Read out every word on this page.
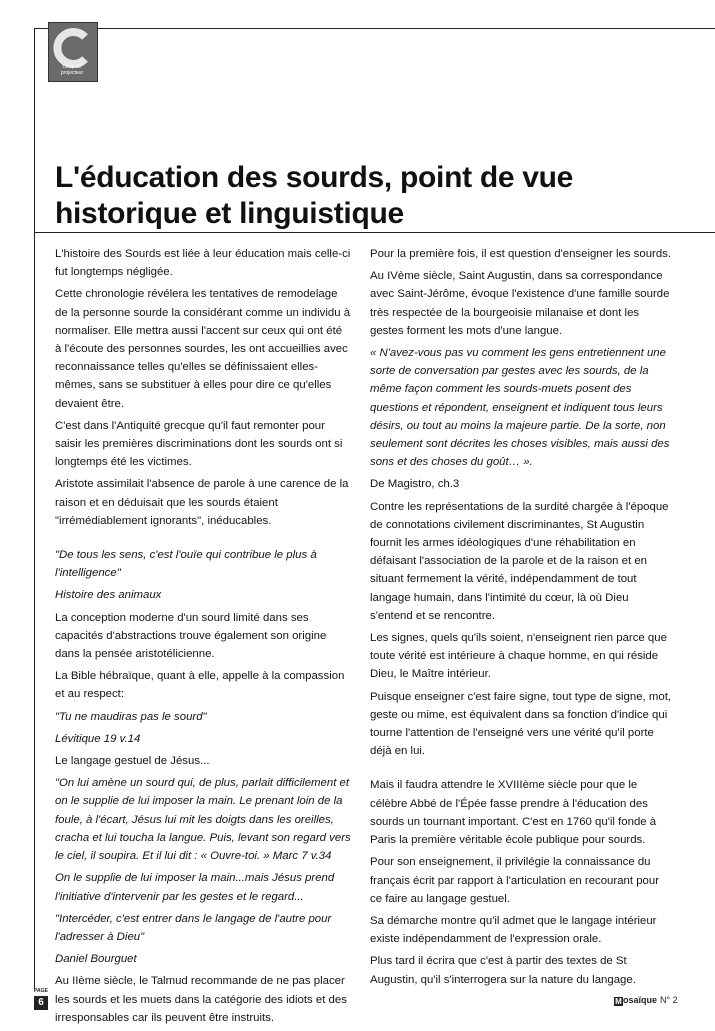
Coup de projecteur
L'éducation des sourds, point de vue historique et linguistique

L'histoire des Sourds est liée à leur éducation mais celle-ci fut longtemps négligée.

Cette chronologie révélera les tentatives de remodelage de la personne sourde la considérant comme un individu à normaliser. Elle mettra aussi l'accent sur ceux qui ont été à l'écoute des personnes sourdes, les ont accueillies avec reconnaissance telles qu'elles se définissaient elles-mêmes, sans se substituer à elles pour dire ce qu'elles devaient être.

C'est dans l'Antiquité grecque qu'il faut remonter pour saisir les premières discriminations dont les sourds ont si longtemps été les victimes.

Aristote assimilait l'absence de parole à une carence de la raison et en déduisait que les sourds étaient "irrémédiablement ignorants", inéducables.

"De tous les sens, c'est l'ouïe qui contribue le plus à l'intelligence"

Histoire des animaux

La conception moderne d'un sourd limité dans ses capacités d'abstractions trouve également son origine dans la pensée aristotélicienne.

La Bible hébraïque, quant à elle, appelle à la compassion et au respect:

"Tu ne maudiras pas le sourd"

Lévitique 19 v.14

Le langage gestuel de Jésus...

"On lui amène un sourd qui, de plus, parlait difficilement et on le supplie de lui imposer la main. Le prenant loin de la foule, à l'écart, Jésus lui mit les doigts dans les oreilles, cracha et lui toucha la langue. Puis, levant son regard vers le ciel, il soupira. Et il lui dit : « Ouvre-toi. » Marc 7 v.34

On le supplie de lui imposer la main...mais Jésus prend l'initiative d'intervenir par les gestes et le regard...

"Intercéder, c'est entrer dans le langage de l'autre pour l'adresser à Dieu"

Daniel Bourguet

Au IIème siècle, le Talmud recommande de ne pas placer les sourds et les muets dans la catégorie des idiots et des irresponsables car ils peuvent être instruits.

Pour la première fois, il est question d'enseigner les sourds.

Au IVème siècle, Saint Augustin, dans sa correspondance avec Saint-Jérôme, évoque l'existence d'une famille sourde très respectée de la bourgeoisie milanaise et dont les gestes forment les mots d'une langue.

« N'avez-vous pas vu comment les gens entretiennent une sorte de conversation par gestes avec les sourds, de la même façon comment les sourds-muets posent des questions et répondent, enseignent et indiquent tous leurs désirs, ou tout au moins la majeure partie. De la sorte, non seulement sont décrites les choses visibles, mais aussi des sons et des choses du goût… ».

De Magistro, ch.3

Contre les représentations de la surdité chargée à l'époque de connotations civilement discriminantes, St Augustin fournit les armes idéologiques d'une réhabilitation en défaisant l'association de la parole et de la raison et en situant fermement la vérité, indépendamment de tout langage humain, dans l'intimité du cœur, là où Dieu s'entend et se rencontre.

Les signes, quels qu'ils soient, n'enseignent rien parce que toute vérité est intérieure à chaque homme, en qui réside Dieu, le Maître intérieur.

Puisque enseigner c'est faire signe, tout type de signe, mot, geste ou mime, est équivalent dans sa fonction d'indice qui tourne l'attention de l'enseigné vers une vérité qu'il porte déjà en lui.

Mais il faudra attendre le XVIIIème siècle pour que le célèbre Abbé de l'Épée fasse prendre à l'éducation des sourds un tournant important. C'est en 1760 qu'il fonde à Paris la première véritable école publique pour sourds.

Pour son enseignement, il privilégie la connaissance du français écrit par rapport à l'articulation en recourant pour ce faire au langage gestuel.

Sa démarche montre qu'il admet que le langage intérieur existe indépendamment de l'expression orale.

Plus tard il écrira que c'est à partir des textes de St Augustin, qu'il s'interrogera sur la nature du langage.

PAGE
6	Mosaïque N° 2
